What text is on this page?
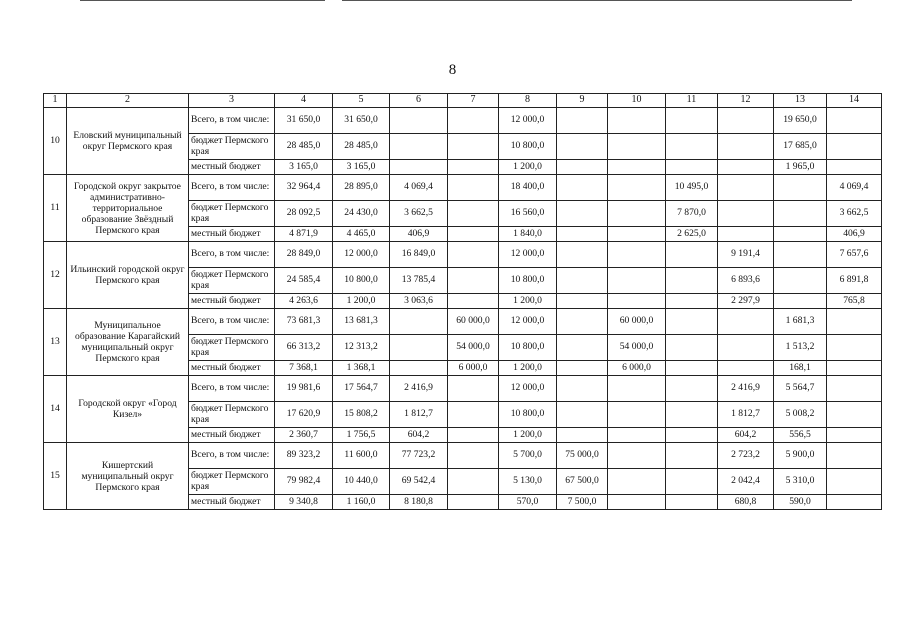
8
1	2	3	4	5	6	7	8	9	10	11	12	13	14
10	Еловский муниципальный округ Пермского края	Всего, в том числе:	31 650,0	31 650,0			12 000,0					19 650,0	
		бюджет Пермского края	28 485,0	28 485,0			10 800,0					17 685,0	
		местный бюджет	3 165,0	3 165,0			1 200,0					1 965,0	
11	Городской округ закрытое административно-территориальное образование Звёздный Пермского края	Всего, в том числе:	32 964,4	28 895,0	4 069,4		18 400,0			10 495,0			4 069,4
		бюджет Пермского края	28 092,5	24 430,0	3 662,5		16 560,0			7 870,0			3 662,5
		местный бюджет	4 871,9	4 465,0	406,9		1 840,0			2 625,0			406,9
12	Ильинский городской округ Пермского края	Всего, в том числе:	28 849,0	12 000,0	16 849,0		12 000,0				9 191,4		7 657,6
		бюджет Пермского края	24 585,4	10 800,0	13 785,4		10 800,0				6 893,6		6 891,8
		местный бюджет	4 263,6	1 200,0	3 063,6		1 200,0				2 297,9		765,8
13	Муниципальное образование Карагайский муниципальный округ Пермского края	Всего, в том числе:	73 681,3	13 681,3		60 000,0	12 000,0		60 000,0			1 681,3	
		бюджет Пермского края	66 313,2	12 313,2		54 000,0	10 800,0		54 000,0			1 513,2	
		местный бюджет	7 368,1	1 368,1		6 000,0	1 200,0		6 000,0			168,1	
14	Городской округ «Город Кизел»	Всего, в том числе:	19 981,6	17 564,7	2 416,9		12 000,0				2 416,9	5 564,7	
		бюджет Пермского края	17 620,9	15 808,2	1 812,7		10 800,0				1 812,7	5 008,2	
		местный бюджет	2 360,7	1 756,5	604,2		1 200,0				604,2	556,5	
15	Кишертский муниципальный округ Пермского края	Всего, в том числе:	89 323,2	11 600,0	77 723,2		5 700,0	75 000,0			2 723,2	5 900,0	
		бюджет Пермского края	79 982,4	10 440,0	69 542,4		5 130,0	67 500,0			2 042,4	5 310,0	
		местный бюджет	9 340,8	1 160,0	8 180,8		570,0	7 500,0			680,8	590,0	
